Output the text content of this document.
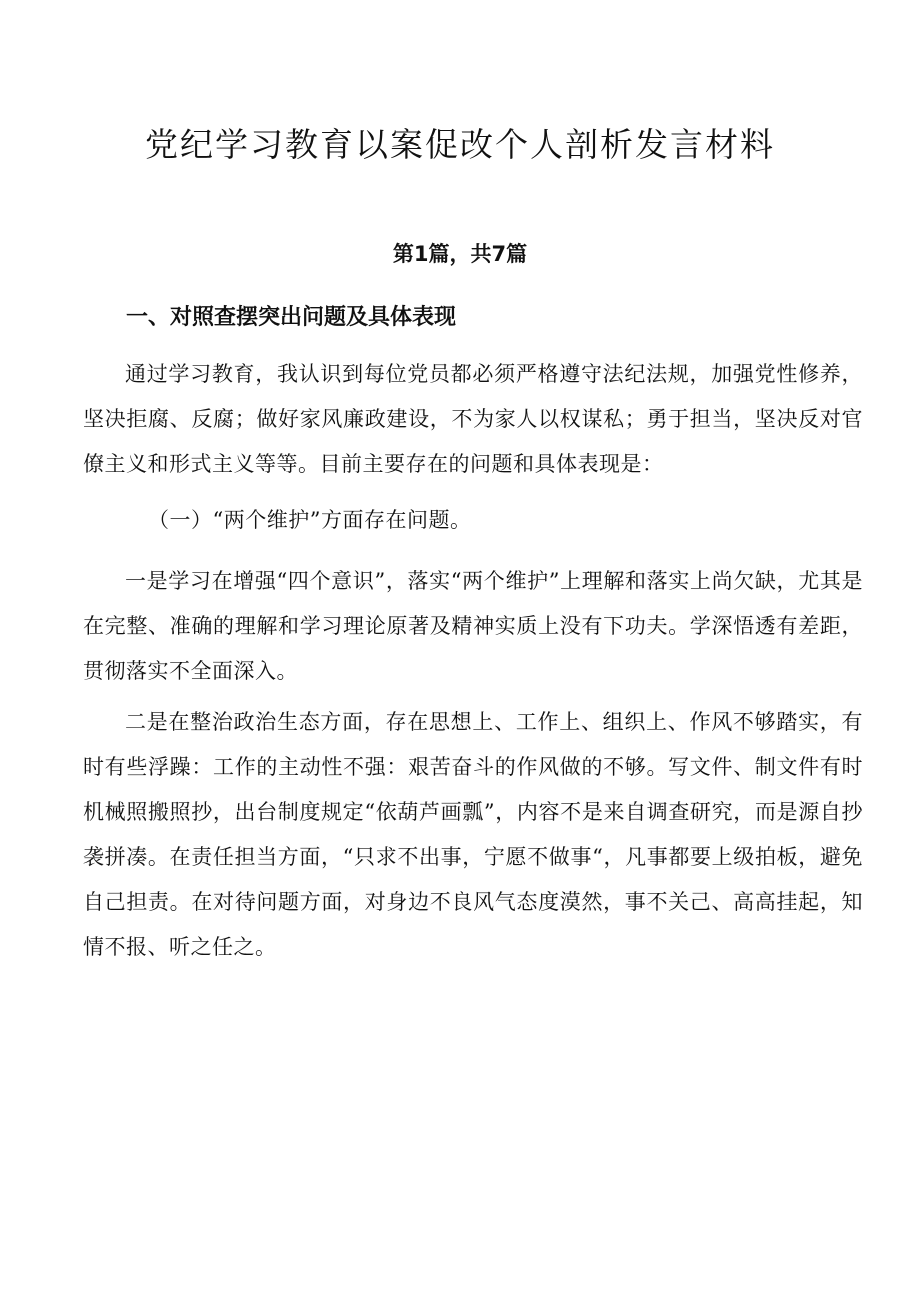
党纪学习教育以案促改个人剖析发言材料
第1篇，共7篇
一、对照查摆突出问题及具体表现

通过学习教育，我认识到每位党员都必须严格遵守法纪法规，加强党性修养，坚决拒腐、反腐；做好家风廉政建设，不为家人以权谋私；勇于担当，坚决反对官僚主义和形式主义等等。目前主要存在的问题和具体表现是：

（一）“两个维护”方面存在问题。

一是学习在增强“四个意识”，落实“两个维护”上理解和落实上尚欠缺，尤其是在完整、准确的理解和学习理论原著及精神实质上没有下功夫。学深悟透有差距，贯彻落实不全面深入。

二是在整治政治生态方面，存在思想上、工作上、组织上、作风不够踏实，有时有些浮躁：工作的主动性不强：艰苦奋斗的作风做的不够。写文件、制文件有时机械照搬照抄，出台制度规定“依葫芦画瓢”，内容不是来自调查研究，而是源自抄袭拼凑。在责任担当方面，“只求不出事，宁愿不做事“，凡事都要上级拍板，避免自己担责。在对待问题方面，对身边不良风气态度漠然，事不关己、高高挂起，知情不报、听之任之。
